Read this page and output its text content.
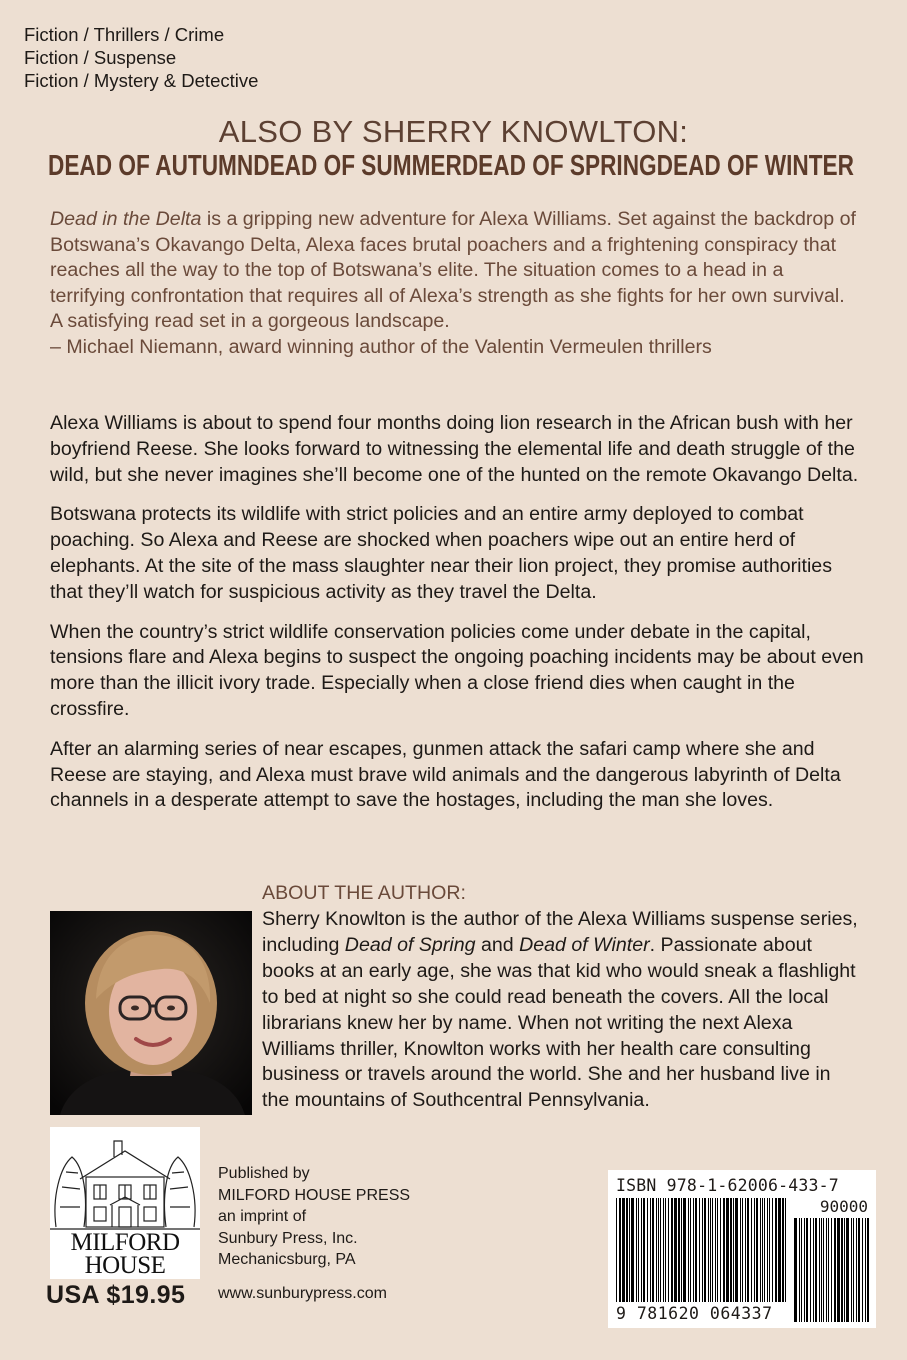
Fiction / Thrillers / Crime
Fiction / Suspense
Fiction / Mystery & Detective
ALSO BY SHERRY KNOWLTON:
DEAD OF AUTUMN DEAD OF SUMMER DEAD OF SPRING DEAD OF WINTER

Dead in the Delta is a gripping new adventure for Alexa Williams. Set against the backdrop of Botswana’s Okavango Delta, Alexa faces brutal poachers and a frightening conspiracy that reaches all the way to the top of Botswana’s elite. The situation comes to a head in a terrifying confrontation that requires all of Alexa’s strength as she fights for her own survival. A satisfying read set in a gorgeous landscape.

– Michael Niemann, award winning author of the Valentin Vermeulen thrillers

Alexa Williams is about to spend four months doing lion research in the African bush with her boyfriend Reese. She looks forward to witnessing the elemental life and death struggle of the wild, but she never imagines she’ll become one of the hunted on the remote Okavango Delta.

Botswana protects its wildlife with strict policies and an entire army deployed to combat poaching. So Alexa and Reese are shocked when poachers wipe out an entire herd of elephants. At the site of the mass slaughter near their lion project, they promise authorities that they’ll watch for suspicious activity as they travel the Delta.

When the country’s strict wildlife conservation policies come under debate in the capital, tensions flare and Alexa begins to suspect the ongoing poaching incidents may be about even more than the illicit ivory trade. Especially when a close friend dies when caught in the crossfire.

After an alarming series of near escapes, gunmen attack the safari camp where she and Reese are staying, and Alexa must brave wild animals and the dangerous labyrinth of Delta channels in a desperate attempt to save the hostages, including the man she loves.

ABOUT THE AUTHOR:

Sherry Knowlton is the author of the Alexa Williams suspense series, including Dead of Spring and Dead of Winter. Passionate about books at an early age, she was that kid who would sneak a flashlight to bed at night so she could read beneath the covers. All the local librarians knew her by name. When not writing the next Alexa Williams thriller, Knowlton works with her health care consulting business or travels around the world. She and her husband live in the mountains of Southcentral Pennsylvania.

MILFORD
HOUSE
USA $19.95
Published by
MILFORD HOUSE PRESS
an imprint of
Sunbury Press, Inc.
Mechanicsburg, PA
www.sunburypress.com
ISBN 978-1-62006-433-7
90000
9 781620 064337
